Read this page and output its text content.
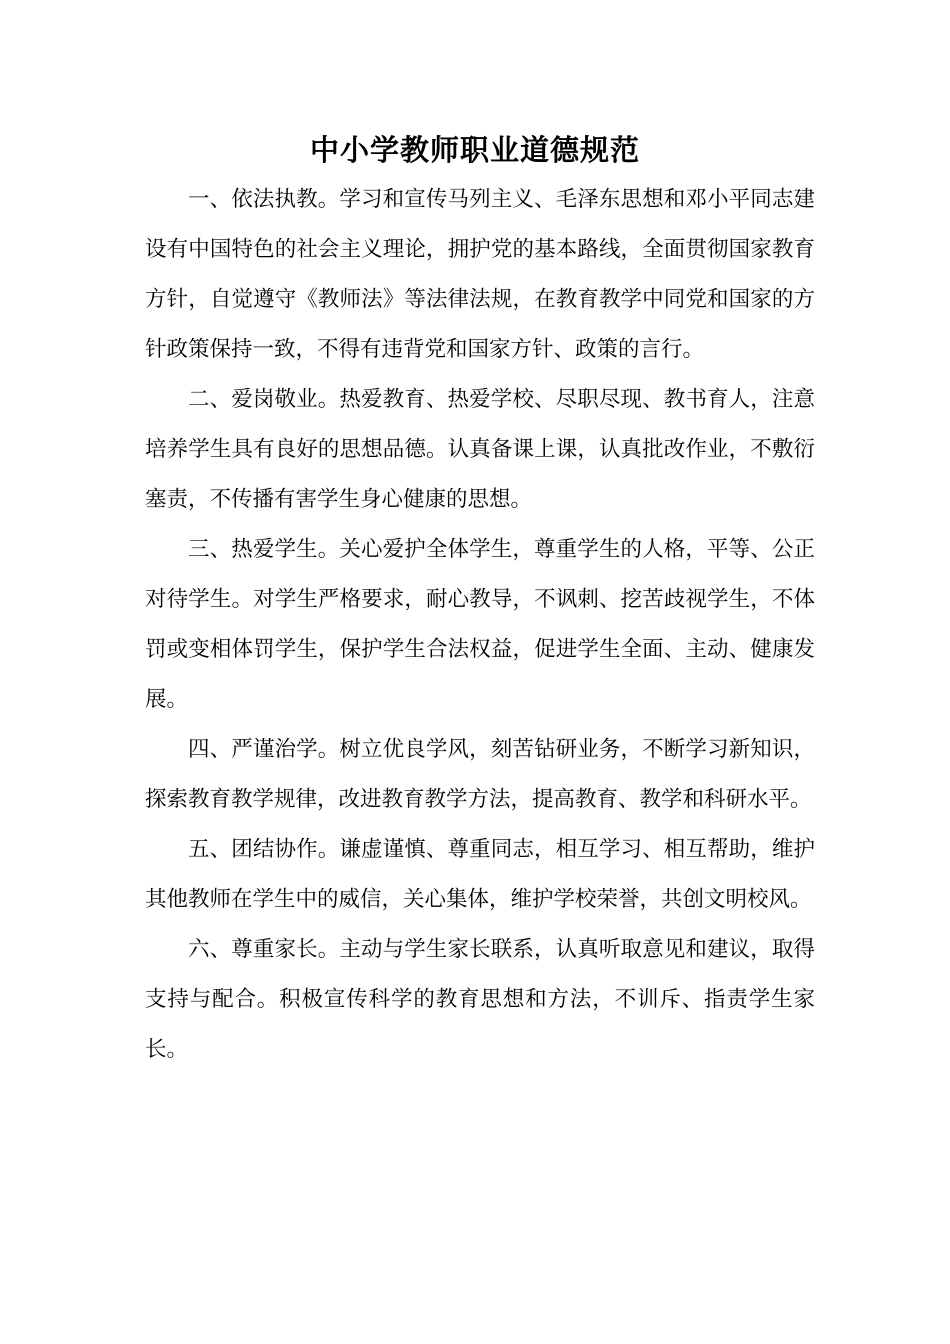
中小学教师职业道德规范

一、依法执教。学习和宣传马列主义、毛泽东思想和邓小平同志建设有中国特色的社会主义理论，拥护党的基本路线，全面贯彻国家教育方针，自觉遵守《教师法》等法律法规，在教育教学中同党和国家的方针政策保持一致，不得有违背党和国家方针、政策的言行。

二、爱岗敬业。热爱教育、热爱学校、尽职尽现、教书育人，注意培养学生具有良好的思想品德。认真备课上课，认真批改作业，不敷衍塞责，不传播有害学生身心健康的思想。

三、热爱学生。关心爱护全体学生，尊重学生的人格，平等、公正对待学生。对学生严格要求，耐心教导，不讽刺、挖苦歧视学生，不体罚或变相体罚学生，保护学生合法权益，促进学生全面、主动、健康发展。

四、严谨治学。树立优良学风，刻苦钻研业务，不断学习新知识，探索教育教学规律，改进教育教学方法，提高教育、教学和科研水平。

五、团结协作。谦虚谨慎、尊重同志，相互学习、相互帮助，维护其他教师在学生中的威信，关心集体，维护学校荣誉，共创文明校风。

六、尊重家长。主动与学生家长联系，认真听取意见和建议，取得支持与配合。积极宣传科学的教育思想和方法，不训斥、指责学生家长。
